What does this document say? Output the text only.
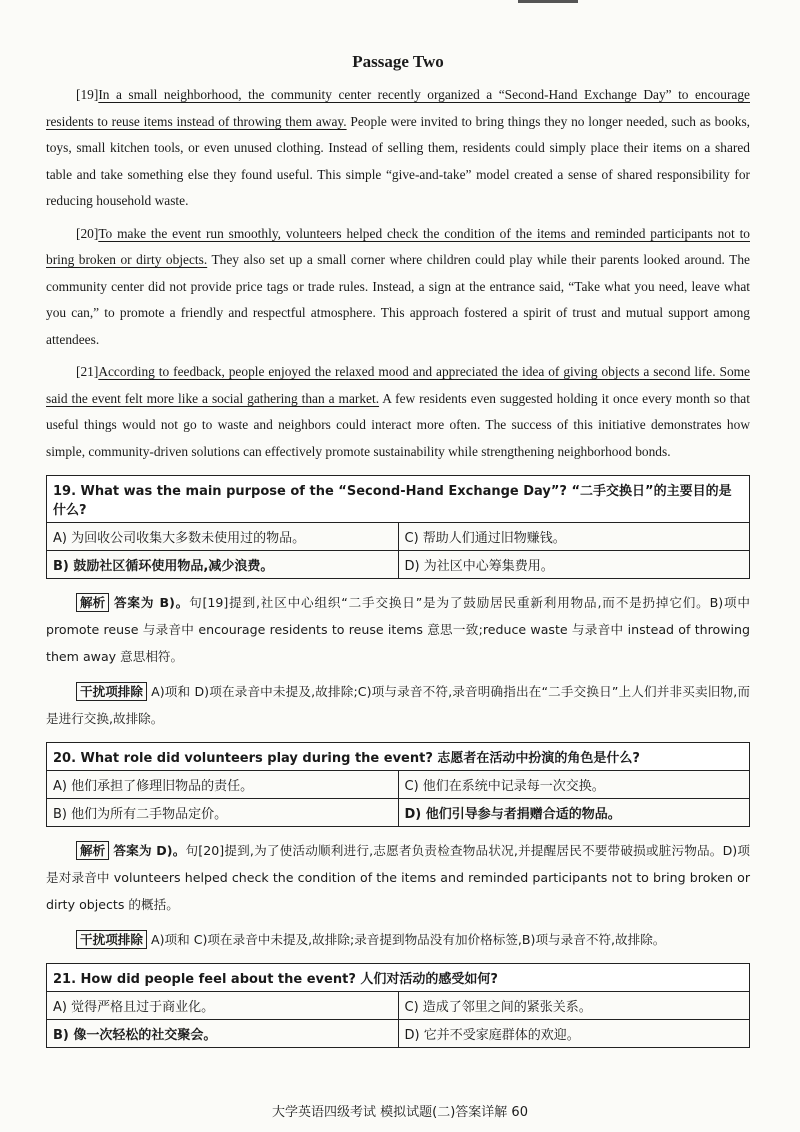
Passage Two

[19]In a small neighborhood, the community center recently organized a “Second-Hand Exchange Day” to encourage residents to reuse items instead of throwing them away. People were invited to bring things they no longer needed, such as books, toys, small kitchen tools, or even unused clothing. Instead of selling them, residents could simply place their items on a shared table and take something else they found useful. This simple “give-and-take” model created a sense of shared responsibility for reducing household waste.

[20]To make the event run smoothly, volunteers helped check the condition of the items and reminded participants not to bring broken or dirty objects. They also set up a small corner where children could play while their parents looked around. The community center did not provide price tags or trade rules. Instead, a sign at the entrance said, “Take what you need, leave what you can,” to promote a friendly and respectful atmosphere. This approach fostered a spirit of trust and mutual support among attendees.

[21]According to feedback, people enjoyed the relaxed mood and appreciated the idea of giving objects a second life. Some said the event felt more like a social gathering than a market. A few residents even suggested holding it once every month so that useful things would not go to waste and neighbors could interact more often. The success of this initiative demonstrates how simple, community-driven solutions can effectively promote sustainability while strengthening neighborhood bonds.

19. What was the main purpose of the “Second-Hand Exchange Day”? “二手交换日”的主要目的是什么?	
A) 为回收公司收集大多数未使用过的物品。	C) 帮助人们通过旧物赚钱。
B) 鼓励社区循环使用物品,减少浪费。	D) 为社区中心筹集费用。

解析 答案为 B)。句[19]提到,社区中心组织“二手交换日”是为了鼓励居民重新利用物品,而不是扔掉它们。B)项中 promote reuse 与录音中 encourage residents to reuse items 意思一致;reduce waste 与录音中 instead of throwing them away 意思相符。

干扰项排除 A)项和 D)项在录音中未提及,故排除;C)项与录音不符,录音明确指出在“二手交换日”上人们并非买卖旧物,而是进行交换,故排除。

20. What role did volunteers play during the event? 志愿者在活动中扮演的角色是什么?	
A) 他们承担了修理旧物品的责任。	C) 他们在系统中记录每一次交换。
B) 他们为所有二手物品定价。	D) 他们引导参与者捐赠合适的物品。

解析 答案为 D)。句[20]提到,为了使活动顺利进行,志愿者负责检查物品状况,并提醒居民不要带破损或脏污物品。D)项是对录音中 volunteers helped check the condition of the items and reminded participants not to bring broken or dirty objects 的概括。

干扰项排除 A)项和 C)项在录音中未提及,故排除;录音提到物品没有加价格标签,B)项与录音不符,故排除。

21. How did people feel about the event? 人们对活动的感受如何?	
A) 觉得严格且过于商业化。	C) 造成了邻里之间的紧张关系。
B) 像一次轻松的社交聚会。	D) 它并不受家庭群体的欢迎。
大学英语四级考试 模拟试题(二)答案详解 60
